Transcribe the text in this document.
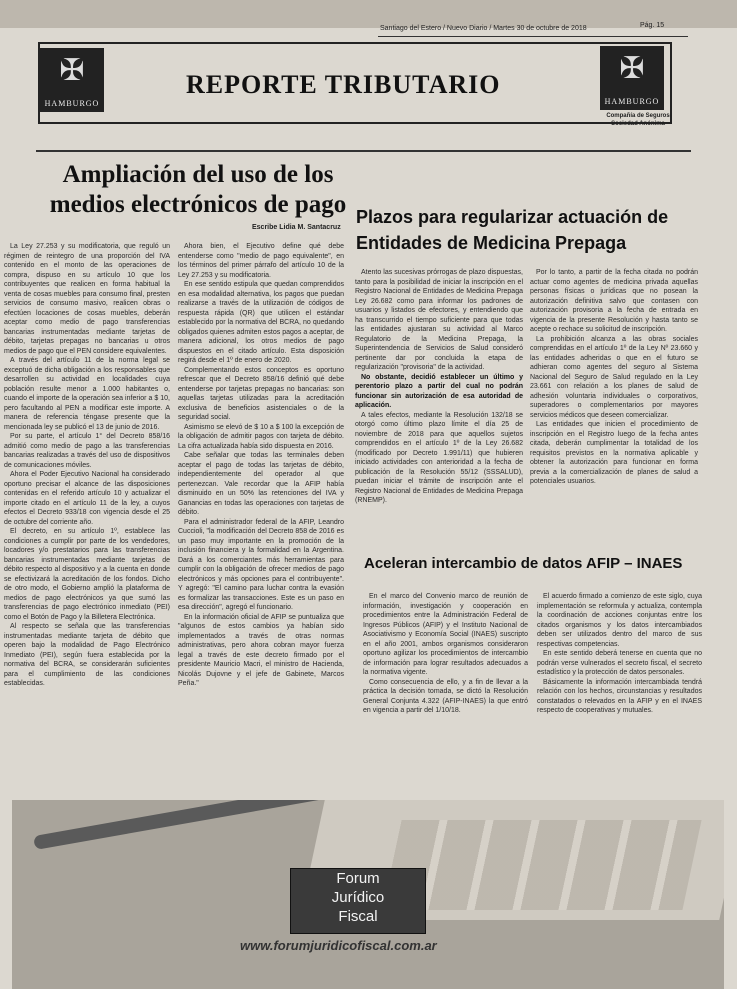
Santiago del Estero / Nuevo Diario / Martes 30 de octubre de 2018	Pág. 15
✠
HAMBURGO
REPORTE TRIBUTARIO	✠
HAMBURGO
Compañía de Seguros Sociedad Anónima
Ampliación del uso de los medios electrónicos de pago
Escribe Lidia M. Santacruz

La Ley 27.253 y su modificatoria, que reguló un régimen de reintegro de una proporción del IVA contenido en el monto de las operaciones de compra, dispuso en su artículo 10 que los contribuyentes que realicen en forma habitual la venta de cosas muebles para consumo final, presten servicios de consumo masivo, realicen obras o efectúen locaciones de cosas muebles, deberán aceptar como medio de pago transferencias bancarias instrumentadas mediante tarjetas de débito, tarjetas prepagas no bancarias u otros medios de pago que el PEN considere equivalentes.

A través del artículo 11 de la norma legal se exceptuó de dicha obligación a los responsables que desarrollen su actividad en localidades cuya población resulte menor a 1.000 habitantes o, cuando el importe de la operación sea inferior a $ 10, pero facultando al PEN a modificar este importe. A manera de referencia téngase presente que la mencionada ley se publicó el 13 de junio de 2016.

Por su parte, el artículo 1° del Decreto 858/16 admitió como medio de pago a las transferencias bancarias realizadas a través del uso de dispositivos de comunicaciones móviles.

Ahora el Poder Ejecutivo Nacional ha considerado oportuno precisar el alcance de las disposiciones contenidas en el referido artículo 10 y actualizar el importe citado en el artículo 11 de la ley, a cuyos efectos el Decreto 933/18 con vigencia desde el 25 de octubre del corriente año.

El decreto, en su artículo 1º, establece las condiciones a cumplir por parte de los vendedores, locadores y/o prestatarios para las transferencias bancarias instrumentadas mediante tarjetas de débito respecto al dispositivo y a la cuenta en donde se efectivizará la acreditación de los fondos. Dicho de otro modo, el Gobierno amplió la plataforma de medios de pago electrónicos ya que sumó las transferencias de pago electrónico inmediato (PEI) como el Botón de Pago y la Billetera Electrónica.

Al respecto se señala que las transferencias instrumentadas mediante tarjeta de débito que operen bajo la modalidad de Pago Electrónico Inmediato (PEI), según fuera establecida por la normativa del BCRA, se considerarán suficientes para el cumplimiento de las condiciones establecidas.

Ahora bien, el Ejecutivo define qué debe entenderse como "medio de pago equivalente", en los términos del primer párrafo del artículo 10 de la Ley 27.253 y su modificatoria.

En ese sentido estipula que quedan comprendidos en esa modalidad alternativa, los pagos que puedan realizarse a través de la utilización de códigos de respuesta rápida (QR) que utilicen el estándar establecido por la normativa del BCRA, no quedando obligados quienes admiten estos pagos a aceptar, de manera adicional, los otros medios de pago dispuestos en el citado artículo. Esta disposición regirá desde el 1º de enero de 2020.

Complementando estos conceptos es oportuno refrescar que el Decreto 858/16 definió qué debe entenderse por tarjetas prepagas no bancarias: son aquellas tarjetas utilizadas para la acreditación exclusiva de beneficios asistenciales o de la seguridad social.

Asimismo se elevó de $ 10 a $ 100 la excepción de la obligación de admitir pagos con tarjeta de débito. La cifra actualizada había sido dispuesta en 2016.

Cabe señalar que todas las terminales deben aceptar el pago de todas las tarjetas de débito, independientemente del operador al que pertenezcan. Vale recordar que la AFIP había disminuido en un 50% las retenciones del IVA y Ganancias en todas las operaciones con tarjetas de débito.

Para el administrador federal de la AFIP, Leandro Cuccioli, "la modificación del Decreto 858 de 2016 es un paso muy importante en la promoción de la inclusión financiera y la formalidad en la Argentina. Dará a los comerciantes más herramientas para cumplir con la obligación de ofrecer medios de pago electrónicos y más opciones para el contribuyente". Y agregó: "El camino para luchar contra la evasión es formalizar las transacciones. Este es un paso en esa dirección", agregó el funcionario.

En la información oficial de AFIP se puntualiza que "algunos de estos cambios ya habían sido implementados a través de otras normas administrativas, pero ahora cobran mayor fuerza legal a través de este decreto firmado por el presidente Mauricio Macri, el ministro de Hacienda, Nicolás Dujovne y el jefe de Gabinete, Marcos Peña."

Plazos para regularizar actuación de Entidades de Medicina Prepaga

Atento las sucesivas prórrogas de plazo dispuestas, tanto para la posibilidad de iniciar la inscripción en el Registro Nacional de Entidades de Medicina Prepaga Ley 26.682 como para informar los padrones de usuarios y listados de efectores, y entendiendo que ha transcurrido el tiempo suficiente para que todas las entidades ajustaran su actividad al Marco Regulatorio de la Medicina Prepaga, la Superintendencia de Servicios de Salud consideró pertinente dar por concluida la etapa de regularización "provisoria" de la actividad.

No obstante, decidió establecer un último y perentorio plazo a partir del cual no podrán funcionar sin autorización de esa autoridad de aplicación.

A tales efectos, mediante la Resolución 132/18 se otorgó como último plazo límite el día 25 de noviembre de 2018 para que aquellos sujetos comprendidos en el artículo 1º de la Ley 26.682 (modificado por Decreto 1.991/11) que hubieren iniciado actividades con anterioridad a la fecha de publicación de la Resolución 55/12 (SSSALUD), puedan iniciar el trámite de inscripción ante el Registro Nacional de Entidades de Medicina Prepaga (RNEMP).

Por lo tanto, a partir de la fecha citada no podrán actuar como agentes de medicina privada aquellas personas físicas o jurídicas que no posean la autorización definitiva salvo que contasen con autorización provisoria a la fecha de entrada en vigencia de la presente Resolución y hasta tanto se acepte o rechace su solicitud de inscripción.

La prohibición alcanza a las obras sociales comprendidas en el artículo 1º de la Ley Nº 23.660 y las entidades adheridas o que en el futuro se adhieran como agentes del seguro al Sistema Nacional del Seguro de Salud regulado en la Ley 23.661 con relación a los planes de salud de adhesión voluntaria individuales o corporativos, superadores o complementarios por mayores servicios médicos que deseen comercializar.

Las entidades que inicien el procedimiento de inscripción en el Registro luego de la fecha antes citada, deberán cumplimentar la totalidad de los requisitos previstos en la normativa aplicable y obtener la autorización para funcionar en forma previa a la comercialización de planes de salud a potenciales usuarios.

Aceleran intercambio de datos AFIP – INAES

En el marco del Convenio marco de reunión de información, investigación y cooperación en procedimientos entre la Administración Federal de Ingresos Públicos (AFIP) y el Instituto Nacional de Asociativismo y Economía Social (INAES) suscripto en el año 2001, ambos organismos consideraron oportuno agilizar los procedimientos de intercambio de información para lograr resultados adecuados a la normativa vigente.

Como consecuencia de ello, y a fin de llevar a la práctica la decisión tomada, se dictó la Resolución General Conjunta 4.322 (AFIP-INAES) la que entró en vigencia a partir del 1/10/18.

El acuerdo firmado a comienzo de este siglo, cuya implementación se reformula y actualiza, contempla la coordinación de acciones conjuntas entre los citados organismos y los datos intercambiados deben ser utilizados dentro del marco de sus respectivas competencias.

En este sentido deberá tenerse en cuenta que no podrán verse vulnerados el secreto fiscal, el secreto estadístico y la protección de datos personales.

Básicamente la información intercambiada tendrá relación con los hechos, circunstancias y resultados constatados o relevados en la AFIP y en el INAES respecto de cooperativas y mutuales.

Forum
Jurídico
Fiscal
www.forumjuridicofiscal.com.ar
